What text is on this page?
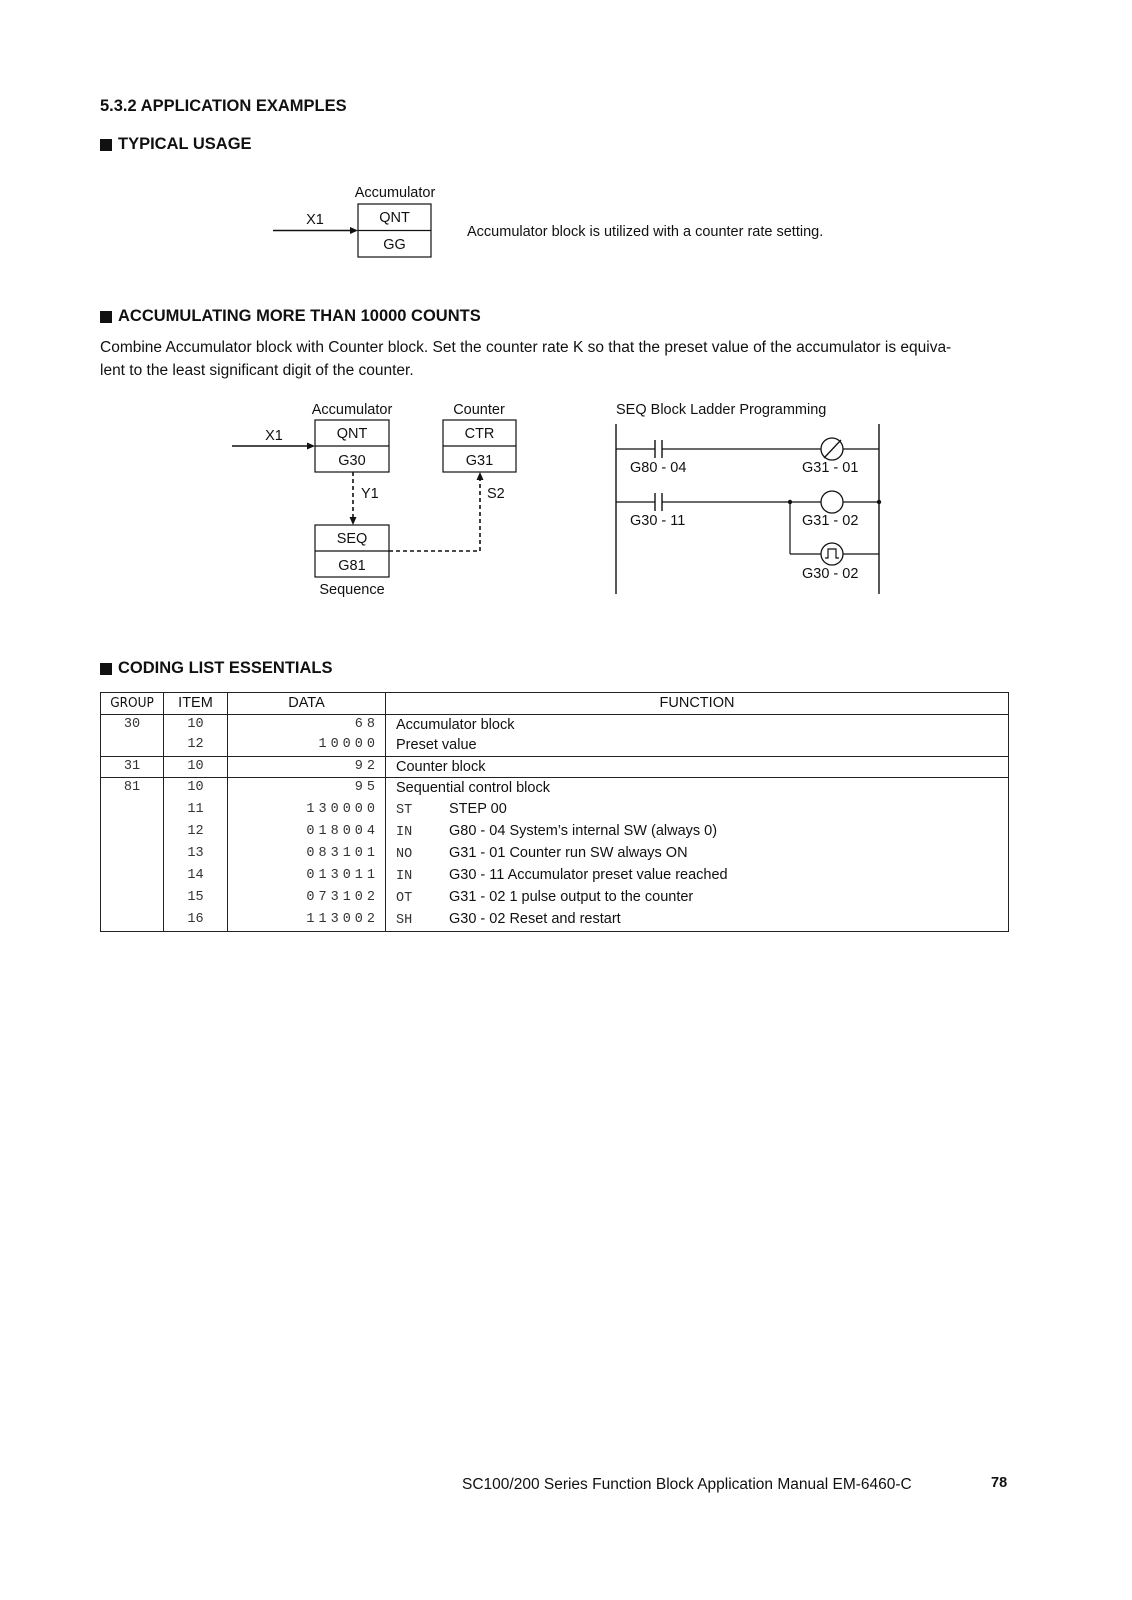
5.3.2 APPLICATION EXAMPLES
TYPICAL USAGE
Accumulator
QNT
GG
X1
Accumulator block is utilized with a counter rate setting.
ACCUMULATING MORE THAN 10000 COUNTS
Combine Accumulator block with Counter block. Set the counter rate K so that the preset value of the accumulator is equiva-
lent to the least significant digit of the counter.
Accumulator	Counter
QNT
G30
CTR
G31
X1
Y1
SEQ
G81
Sequence
S2
SEQ Block Ladder Programming
G80 - 04	G31 - 01
G30 - 11	G31 - 02
G30 - 02
CODING LIST ESSENTIALS
GROUP	ITEM	DATA	FUNCTION
30	10	68	Accumulator block
	12	10000	Preset value
31	10	92	Counter block
81	10	95	Sequential control block
	11	130000	ST STEP 00
	12	018004	IN G80 - 04 System’s internal SW (always 0)
	13	083101	NO G31 - 01 Counter run SW always ON
	14	013011	IN G30 - 11 Accumulator preset value reached
	15	073102	OT G31 - 02 1 pulse output to the counter
	16	113002	SH G30 - 02 Reset and restart
SC100/200 Series Function Block Application Manual EM-6460-C	78
